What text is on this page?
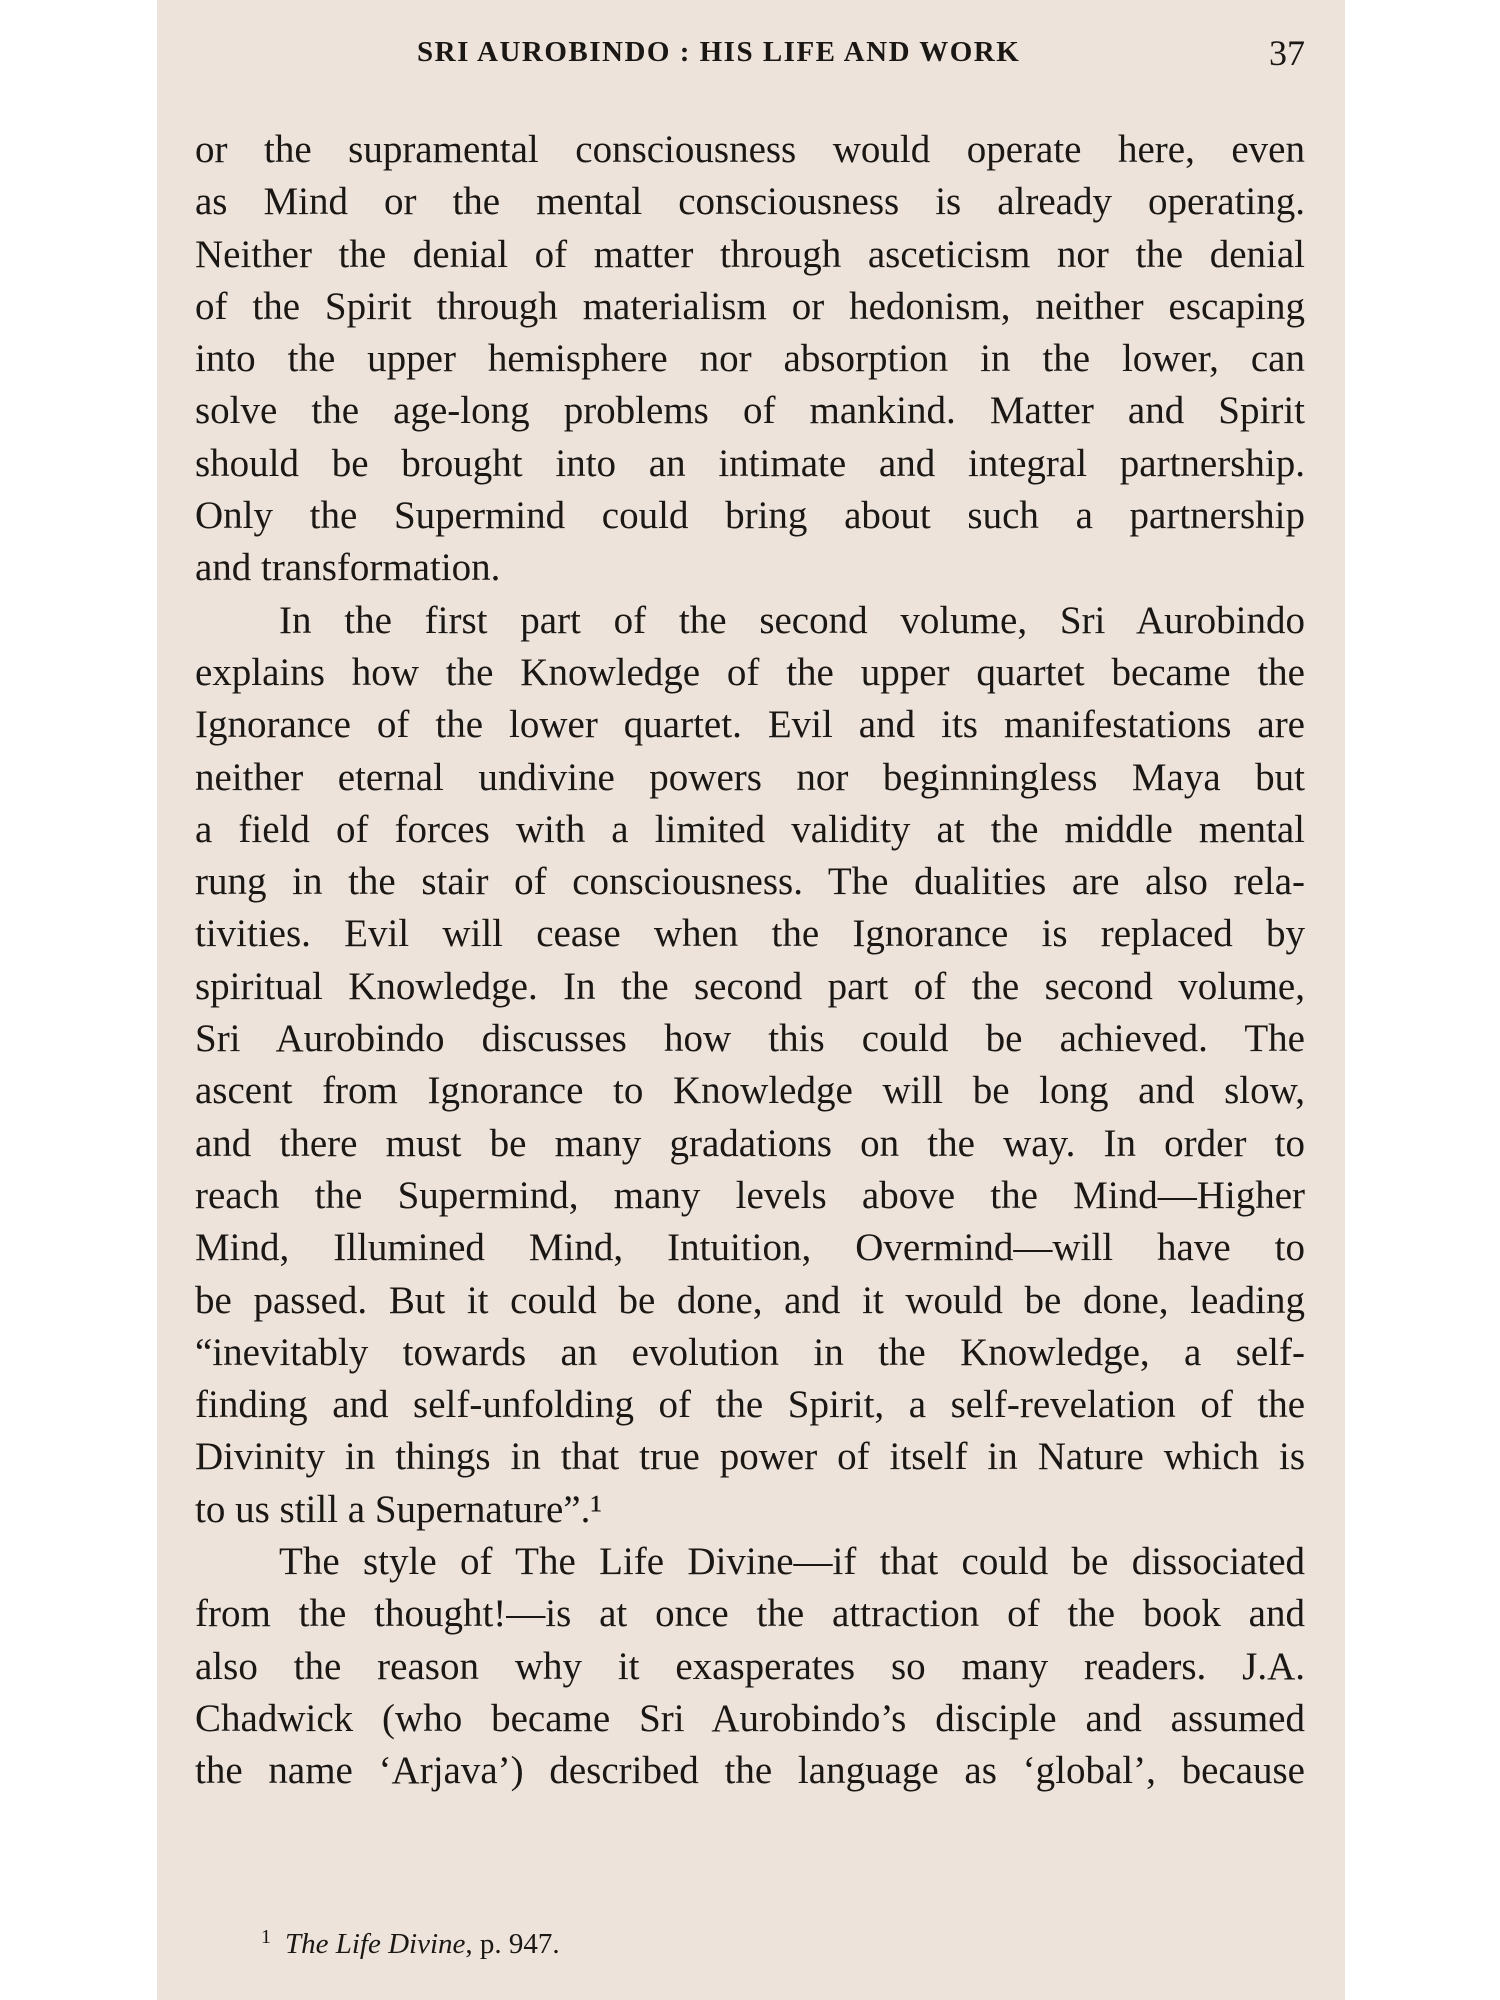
SRI AUROBINDO : HIS LIFE AND WORK	37
or the supramental consciousness would operate here, even
as Mind or the mental consciousness is already operating.
Neither the denial of matter through asceticism nor the denial
of the Spirit through materialism or hedonism, neither escaping
into the upper hemisphere nor absorption in the lower, can
solve the age-long problems of mankind. Matter and Spirit
should be brought into an intimate and integral partnership.
Only the Supermind could bring about such a partnership
and transformation.
In the first part of the second volume, Sri Aurobindo
explains how the Knowledge of the upper quartet became the
Ignorance of the lower quartet. Evil and its manifestations are
neither eternal undivine powers nor beginningless Maya but
a field of forces with a limited validity at the middle mental
rung in the stair of consciousness. The dualities are also rela-
tivities. Evil will cease when the Ignorance is replaced by
spiritual Knowledge. In the second part of the second volume,
Sri Aurobindo discusses how this could be achieved. The
ascent from Ignorance to Knowledge will be long and slow,
and there must be many gradations on the way. In order to
reach the Supermind, many levels above the Mind—Higher
Mind, Illumined Mind, Intuition, Overmind—will have to
be passed. But it could be done, and it would be done, leading
“inevitably towards an evolution in the Knowledge, a self-
finding and self-unfolding of the Spirit, a self-revelation of the
Divinity in things in that true power of itself in Nature which is
to us still a Supernature”.¹
The style of The Life Divine—if that could be dissociated
from the thought!—is at once the attraction of the book and
also the reason why it exasperates so many readers. J.A.
Chadwick (who became Sri Aurobindo’s disciple and assumed
the name ‘Arjava’) described the language as ‘global’, because
$^1$ The Life Divine, p. 947.
